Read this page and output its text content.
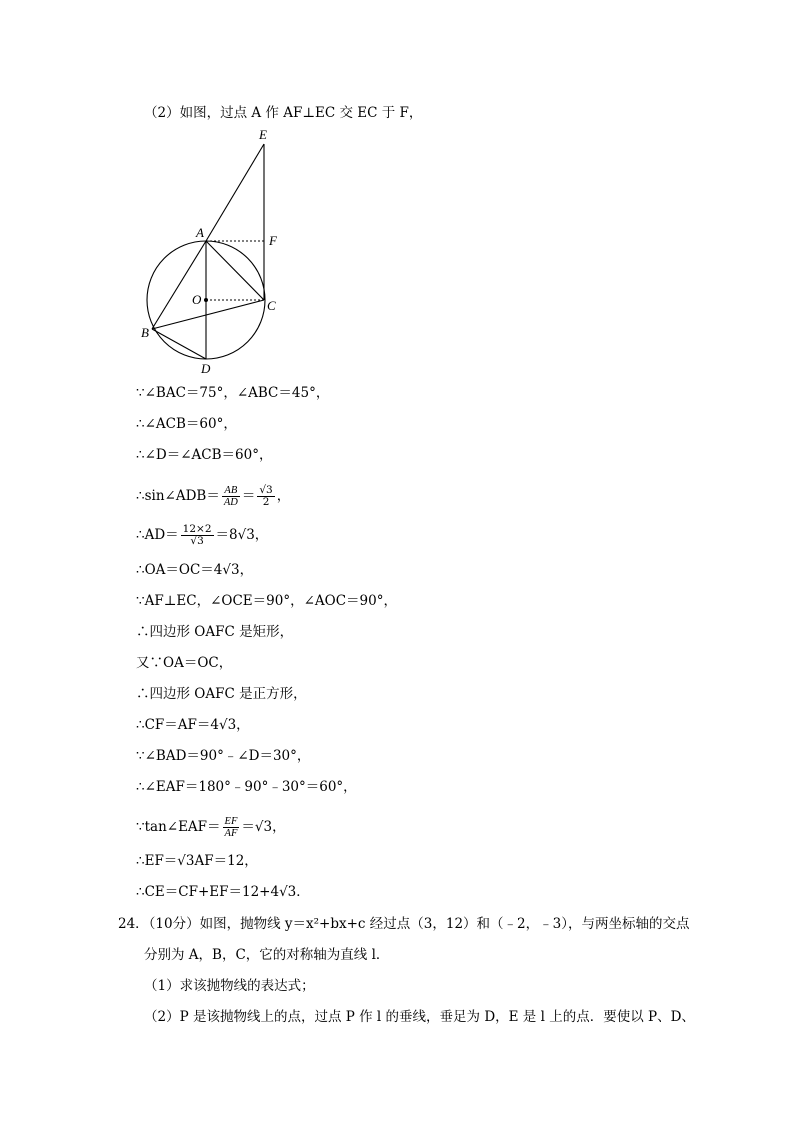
（2）如图，过点 A 作 AF⊥EC 交 EC 于 F，
E
A
F
O	C
B
D
∵∠BAC＝75°，∠ABC＝45°，
∴∠ACB＝60°，
∴∠D＝∠ACB＝60°，
∴sin∠ADB＝ $\frac{AB}{AD} = \frac{√3}{2}$ ，
∴AD＝ $\frac{12\times 2}{√3} =8√3$，
∴OA＝OC＝4√3，
∵AF⊥EC，∠OCE＝90°，∠AOC＝90°，
∴四边形 OAFC 是矩形，
又∵OA＝OC，
∴四边形 OAFC 是正方形，
∴CF＝AF＝4√3，
∵∠BAD＝90°﹣∠D＝30°，
∴∠EAF＝180°﹣90°﹣30°＝60°，
∵tan∠EAF＝ $\frac{EF}{AF} =√3$，
∴EF＝√3AF＝12，
∴CE＝CF+EF＝12+4√3．
24．（10分）如图，抛物线 y＝x²+bx+c 经过点（3，12）和（﹣2，﹣3），与两坐标轴的交点
分别为 A，B，C，它的对称轴为直线 l．
（1）求该抛物线的表达式；
（2）P 是该抛物线上的点，过点 P 作 l 的垂线，垂足为 D，E 是 l 上的点．要使以 P、D、
